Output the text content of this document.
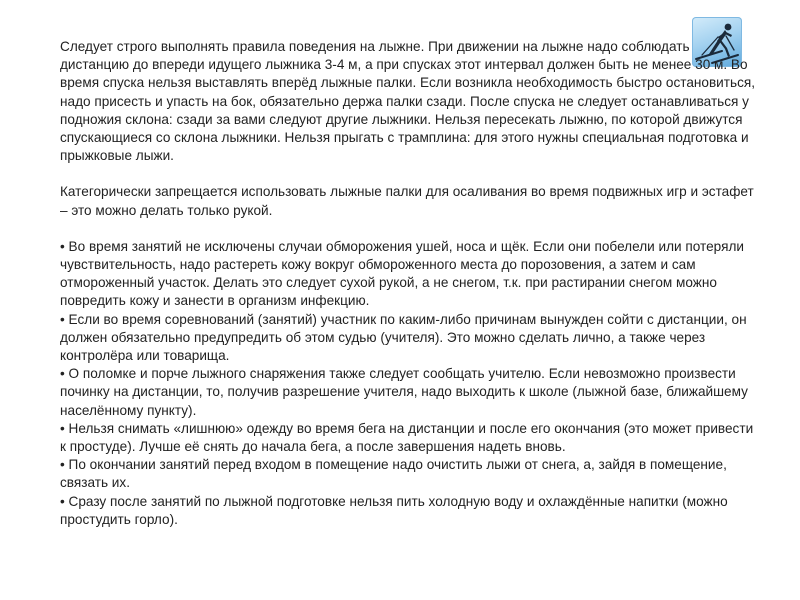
Следует строго выполнять правила поведения на лыжне. При движении на лыжне надо соблюдать дистанцию до впереди идущего лыжника 3-4 м, а при спусках этот интервал должен быть не менее 30 м. Во время спуска нельзя выставлять вперёд лыжные палки. Если возникла необходимость быстро остановиться, надо присесть и упасть на бок, обязательно держа палки сзади. После спуска не следует останавливаться у подножия склона: сзади за вами следуют другие лыжники. Нельзя пересекать лыжню, по которой движутся спускающиеся со склона лыжники. Нельзя прыгать с трамплина: для этого нужны специальная подготовка и прыжковые лыжи.

Категорически запрещается использовать лыжные палки для осаливания во время подвижных игр и эстафет – это можно делать только рукой.

• Во время занятий не исключены случаи обморожения ушей, носа и щёк. Если они побелели или потеряли чувствительность, надо растереть кожу вокруг обмороженного места до порозовения, а затем и сам отмороженный участок. Делать это следует сухой рукой, а не снегом, т.к. при растирании снегом можно повредить кожу и занести в организм инфекцию.
• Если во время соревнований (занятий) участник по каким-либо причинам вынужден сойти с дистанции, он должен обязательно предупредить об этом судью (учителя). Это можно сделать лично, а также через контролёра или товарища.
• О поломке и порче лыжного снаряжения также следует сообщать учителю. Если невозможно произвести починку на дистанции, то, получив разрешение учителя, надо выходить к школе (лыжной базе, ближайшему населённому пункту).
• Нельзя снимать «лишнюю» одежду во время бега на дистанции и после его окончания (это может привести к простуде). Лучше её снять до начала бега, а после завершения надеть вновь.
• По окончании занятий перед входом в помещение надо очистить лыжи от снега, а, зайдя в помещение, связать их.
• Сразу после занятий по лыжной подготовке нельзя пить холодную воду и охлаждённые напитки (можно простудить горло).
